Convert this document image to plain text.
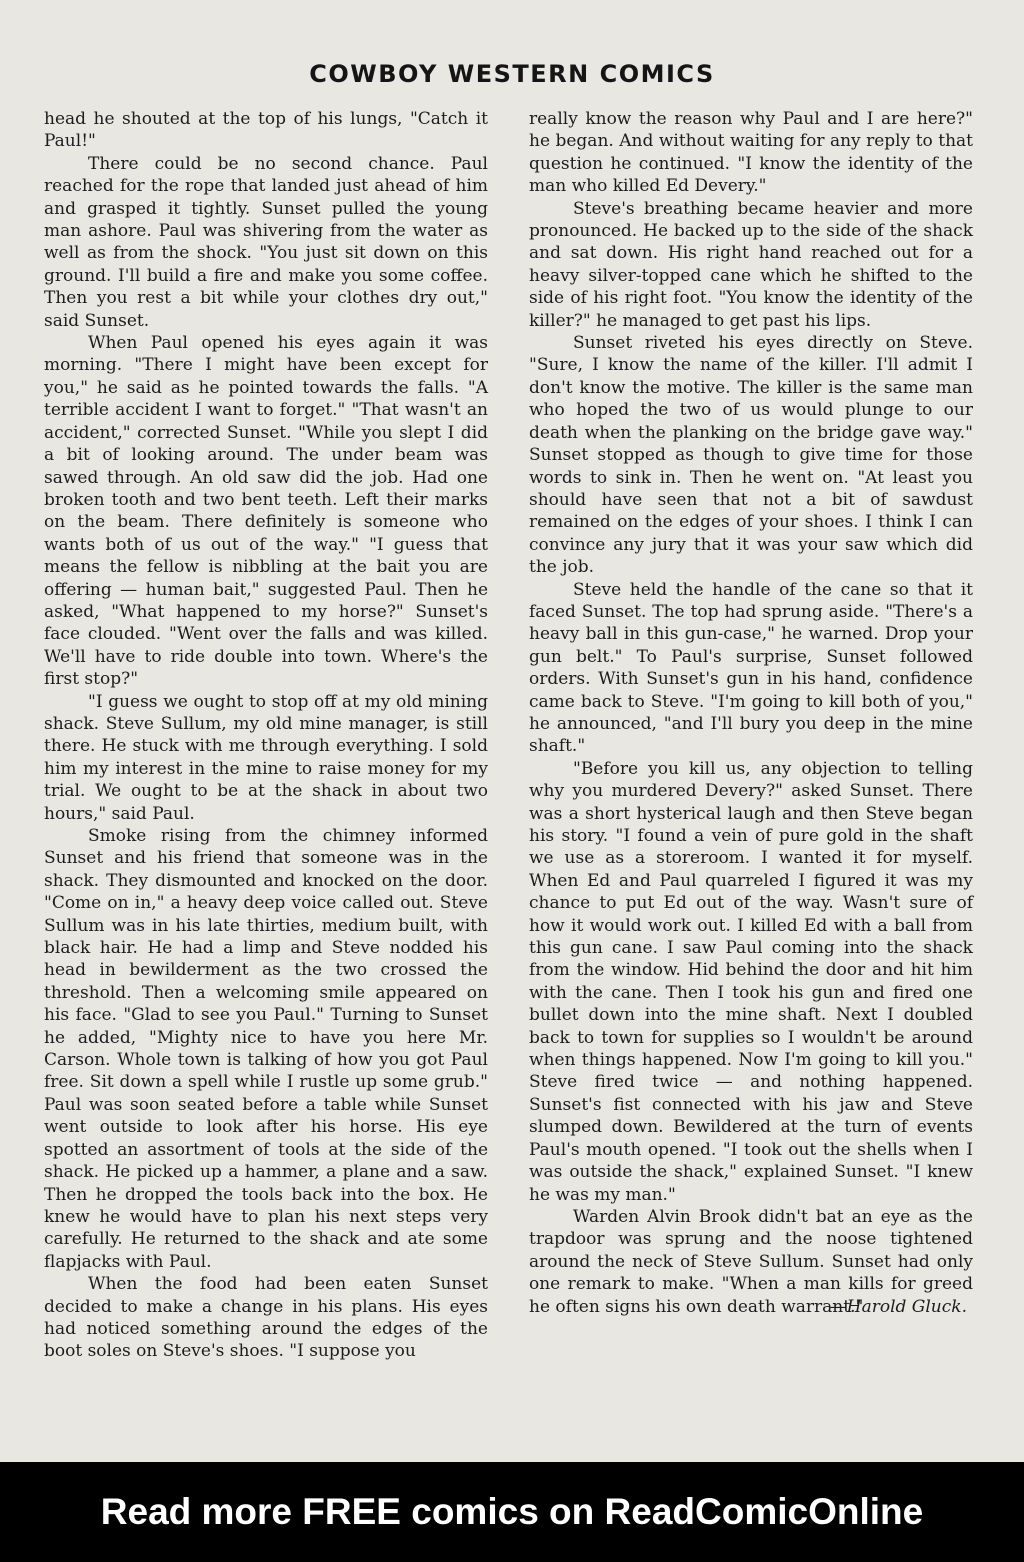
COWBOY WESTERN COMICS

head he shouted at the top of his lungs, "Catch it Paul!"

There could be no second chance. Paul reached for the rope that landed just ahead of him and grasped it tightly. Sunset pulled the young man ashore. Paul was shivering from the water as well as from the shock. "You just sit down on this ground. I'll build a fire and make you some coffee. Then you rest a bit while your clothes dry out," said Sunset.

When Paul opened his eyes again it was morning. "There I might have been except for you," he said as he pointed towards the falls. "A terrible accident I want to forget." "That wasn't an accident," corrected Sunset. "While you slept I did a bit of looking around. The under beam was sawed through. An old saw did the job. Had one broken tooth and two bent teeth. Left their marks on the beam. There definitely is someone who wants both of us out of the way." "I guess that means the fellow is nibbling at the bait you are offering — human bait," suggested Paul. Then he asked, "What happened to my horse?" Sunset's face clouded. "Went over the falls and was killed. We'll have to ride double into town. Where's the first stop?"

"I guess we ought to stop off at my old mining shack. Steve Sullum, my old mine manager, is still there. He stuck with me through everything. I sold him my interest in the mine to raise money for my trial. We ought to be at the shack in about two hours," said Paul.

Smoke rising from the chimney informed Sunset and his friend that someone was in the shack. They dismounted and knocked on the door. "Come on in," a heavy deep voice called out. Steve Sullum was in his late thirties, medium built, with black hair. He had a limp and Steve nodded his head in bewilderment as the two crossed the threshold. Then a welcoming smile appeared on his face. "Glad to see you Paul." Turning to Sunset he added, "Mighty nice to have you here Mr. Carson. Whole town is talking of how you got Paul free. Sit down a spell while I rustle up some grub." Paul was soon seated before a table while Sunset went outside to look after his horse. His eye spotted an assortment of tools at the side of the shack. He picked up a hammer, a plane and a saw. Then he dropped the tools back into the box. He knew he would have to plan his next steps very carefully. He returned to the shack and ate some flapjacks with Paul.

When the food had been eaten Sunset decided to make a change in his plans. His eyes had noticed something around the edges of the boot soles on Steve's shoes. "I suppose you

really know the reason why Paul and I are here?" he began. And without waiting for any reply to that question he continued. "I know the identity of the man who killed Ed Devery."

Steve's breathing became heavier and more pronounced. He backed up to the side of the shack and sat down. His right hand reached out for a heavy silver-topped cane which he shifted to the side of his right foot. "You know the identity of the killer?" he managed to get past his lips.

Sunset riveted his eyes directly on Steve. "Sure, I know the name of the killer. I'll admit I don't know the motive. The killer is the same man who hoped the two of us would plunge to our death when the planking on the bridge gave way." Sunset stopped as though to give time for those words to sink in. Then he went on. "At least you should have seen that not a bit of sawdust remained on the edges of your shoes. I think I can convince any jury that it was your saw which did the job.

Steve held the handle of the cane so that it faced Sunset. The top had sprung aside. "There's a heavy ball in this gun-case," he warned. Drop your gun belt." To Paul's surprise, Sunset followed orders. With Sunset's gun in his hand, confidence came back to Steve. "I'm going to kill both of you," he announced, "and I'll bury you deep in the mine shaft."

"Before you kill us, any objection to telling why you murdered Devery?" asked Sunset. There was a short hysterical laugh and then Steve began his story. "I found a vein of pure gold in the shaft we use as a storeroom. I wanted it for myself. When Ed and Paul quarreled I figured it was my chance to put Ed out of the way. Wasn't sure of how it would work out. I killed Ed with a ball from this gun cane. I saw Paul coming into the shack from the window. Hid behind the door and hit him with the cane. Then I took his gun and fired one bullet down into the mine shaft. Next I doubled back to town for supplies so I wouldn't be around when things happened. Now I'm going to kill you." Steve fired twice — and nothing happened. Sunset's fist connected with his jaw and Steve slumped down. Bewildered at the turn of events Paul's mouth opened. "I took out the shells when I was outside the shack," explained Sunset. "I knew he was my man."

Warden Alvin Brook didn't bat an eye as the trapdoor was sprung and the noose tightened around the neck of Steve Sullum. Sunset had only one remark to make. "When a man kills for greed he often signs his own death warrant."

—Harold Gluck.
Read more FREE comics on ReadComicOnline
